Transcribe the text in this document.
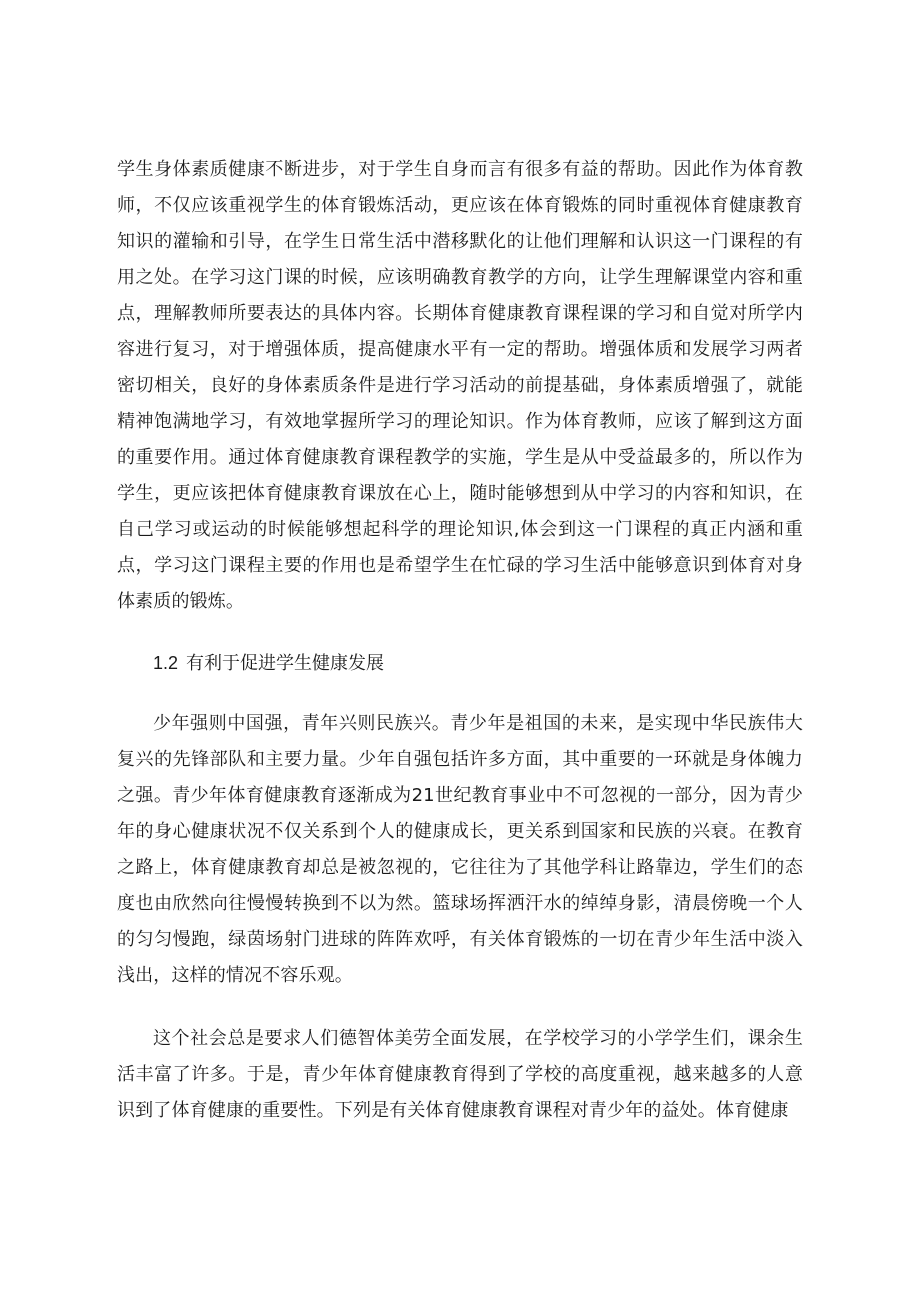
学生身体素质健康不断进步，对于学生自身而言有很多有益的帮助。因此作为体育教师，不仅应该重视学生的体育锻炼活动，更应该在体育锻炼的同时重视体育健康教育知识的灌输和引导，在学生日常生活中潜移默化的让他们理解和认识这一门课程的有用之处。在学习这门课的时候，应该明确教育教学的方向，让学生理解课堂内容和重点，理解教师所要表达的具体内容。长期体育健康教育课程课的学习和自觉对所学内容进行复习，对于增强体质，提高健康水平有一定的帮助。增强体质和发展学习两者密切相关，良好的身体素质条件是进行学习活动的前提基础，身体素质增强了，就能精神饱满地学习，有效地掌握所学习的理论知识。作为体育教师，应该了解到这方面的重要作用。通过体育健康教育课程教学的实施，学生是从中受益最多的，所以作为学生，更应该把体育健康教育课放在心上，随时能够想到从中学习的内容和知识，在自己学习或运动的时候能够想起科学的理论知识,体会到这一门课程的真正内涵和重点，学习这门课程主要的作用也是希望学生在忙碌的学习生活中能够意识到体育对身体素质的锻炼。

1.2 有利于促进学生健康发展

少年强则中国强，青年兴则民族兴。青少年是祖国的未来，是实现中华民族伟大复兴的先锋部队和主要力量。少年自强包括许多方面，其中重要的一环就是身体魄力之强。青少年体育健康教育逐渐成为21世纪教育事业中不可忽视的一部分，因为青少年的身心健康状况不仅关系到个人的健康成长，更关系到国家和民族的兴衰。在教育之路上，体育健康教育却总是被忽视的，它往往为了其他学科让路靠边，学生们的态度也由欣然向往慢慢转换到不以为然。篮球场挥洒汗水的绰绰身影，清晨傍晚一个人的匀匀慢跑，绿茵场射门进球的阵阵欢呼，有关体育锻炼的一切在青少年生活中淡入浅出，这样的情况不容乐观。

这个社会总是要求人们德智体美劳全面发展，在学校学习的小学学生们，课余生活丰富了许多。于是，青少年体育健康教育得到了学校的高度重视，越来越多的人意识到了体育健康的重要性。下列是有关体育健康教育课程对青少年的益处。体育健康
